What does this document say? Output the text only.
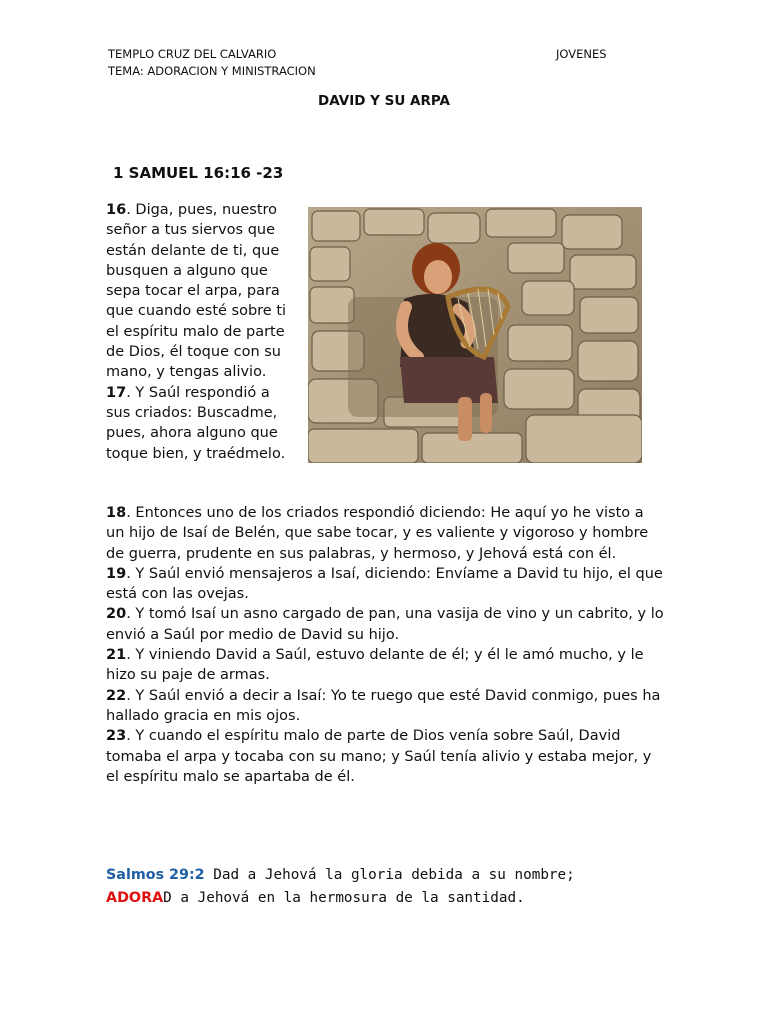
TEMPLO CRUZ DEL CALVARIO
TEMA: ADORACION Y MINISTRACION
JOVENES
DAVID Y SU ARPA
1 SAMUEL 16:16 -23

16. Diga, pues, nuestro señor a tus siervos que están delante de ti, que busquen a alguno que sepa tocar el arpa, para que cuando esté sobre ti el espíritu malo de parte de Dios, él toque con su mano, y tengas alivio.

17. Y Saúl respondió a sus criados: Buscadme, pues, ahora alguno que toque bien, y traédmelo.

18. Entonces uno de los criados respondió diciendo: He aquí yo he visto a un hijo de Isaí de Belén, que sabe tocar, y es valiente y vigoroso y hombre de guerra, prudente en sus palabras, y hermoso, y Jehová está con él.

19. Y Saúl envió mensajeros a Isaí, diciendo: Envíame a David tu hijo, el que está con las ovejas.

20. Y tomó Isaí un asno cargado de pan, una vasija de vino y un cabrito, y lo envió a Saúl por medio de David su hijo.

21. Y viniendo David a Saúl, estuvo delante de él; y él le amó mucho, y le hizo su paje de armas.

22. Y Saúl envió a decir a Isaí: Yo te ruego que esté David conmigo, pues ha hallado gracia en mis ojos.

23. Y cuando el espíritu malo de parte de Dios venía sobre Saúl, David tomaba el arpa y tocaba con su mano; y Saúl tenía alivio y estaba mejor, y el espíritu malo se apartaba de él.

Salmos 29:2 Dad a Jehová la gloria debida a su nombre;
ADORAD a Jehová en la hermosura de la santidad.
